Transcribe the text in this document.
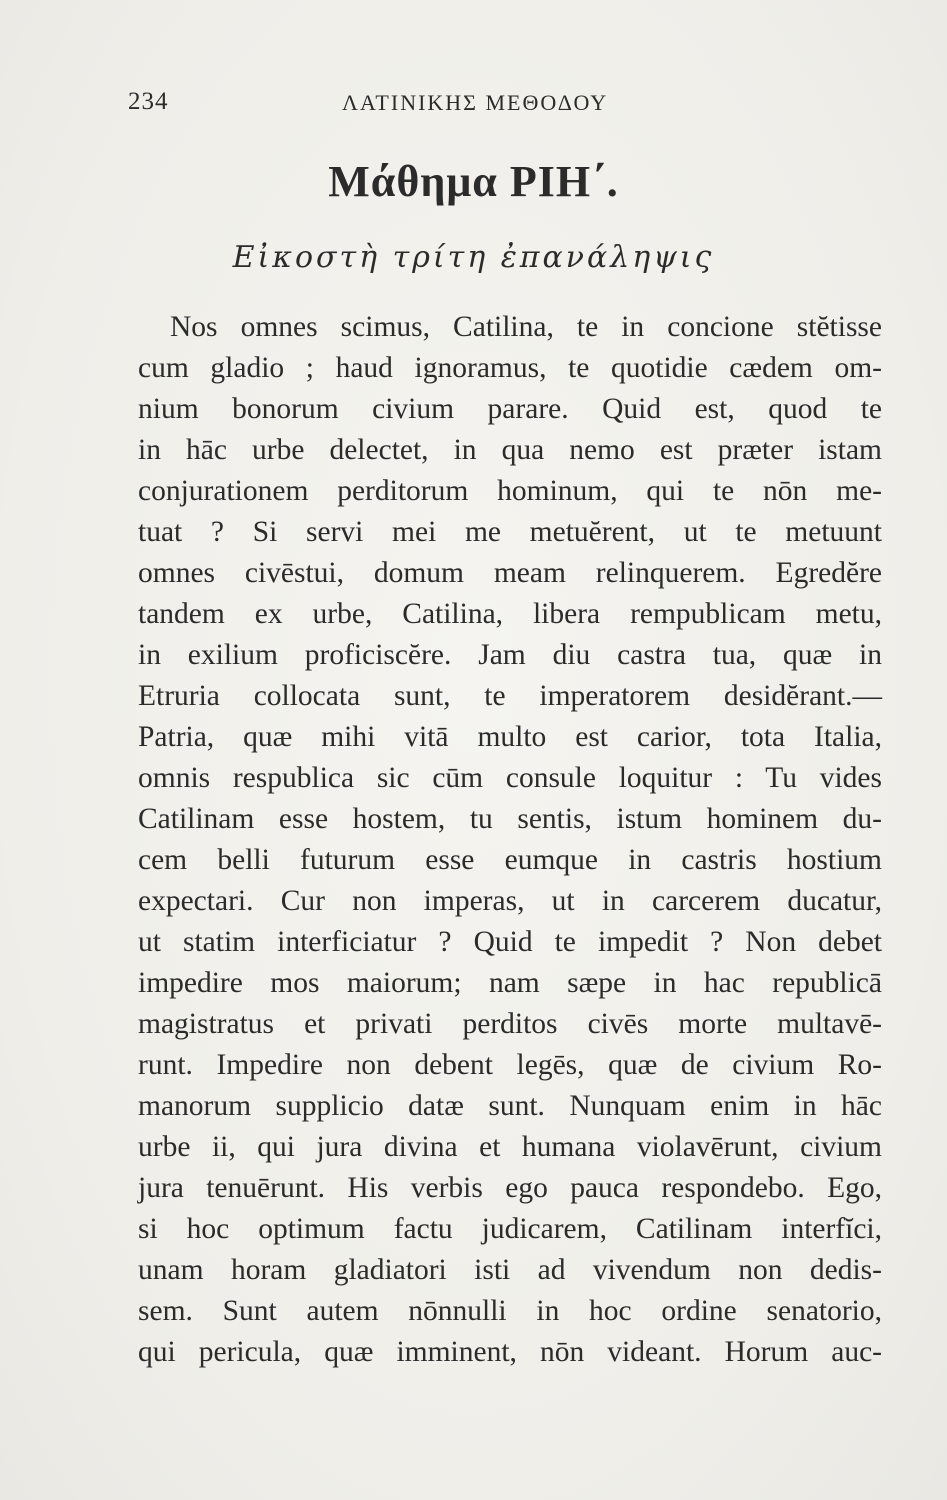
234	ΛΑΤΙΝΙΚΗΣ ΜΕΘΟΔΟΥ
Μάθημα ΡΙΗ΄.
Εἰκοστὴ τρίτη ἐπανάληψις
Nos omnes scimus, Catilina, te in concione stĕtisse
cum gladio ; haud ignoramus, te quotidie cædem om-
nium bonorum civium parare. Quid est, quod te
in hāc urbe delectet, in qua nemo est præter istam
conjurationem perditorum hominum, qui te nōn me-
tuat ? Si servi mei me metuĕrent, ut te metuunt
omnes civēstui, domum meam relinquerem. Egredĕre
tandem ex urbe, Catilina, libera rempublicam metu,
in exilium proficiscĕre. Jam diu castra tua, quæ in
Etruria collocata sunt, te imperatorem desidĕrant.—
Patria, quæ mihi vitā multo est carior, tota Italia,
omnis respublica sic cūm consule loquitur : Tu vides
Catilinam esse hostem, tu sentis, istum hominem du-
cem belli futurum esse eumque in castris hostium
expectari. Cur non imperas, ut in carcerem ducatur,
ut statim interficiatur ? Quid te impedit ? Non debet
impedire mos maiorum; nam sæpe in hac republicā
magistratus et privati perditos civēs morte multavē-
runt. Impedire non debent legēs, quæ de civium Ro-
manorum supplicio datæ sunt. Nunquam enim in hāc
urbe ii, qui jura divina et humana violavērunt, civium
jura tenuērunt. His verbis ego pauca respondebo. Ego,
si hoc optimum factu judicarem, Catilinam interfĭci,
unam horam gladiatori isti ad vivendum non dedis-
sem. Sunt autem nōnnulli in hoc ordine senatorio,
qui pericula, quæ imminent, nōn videant. Horum auc-
